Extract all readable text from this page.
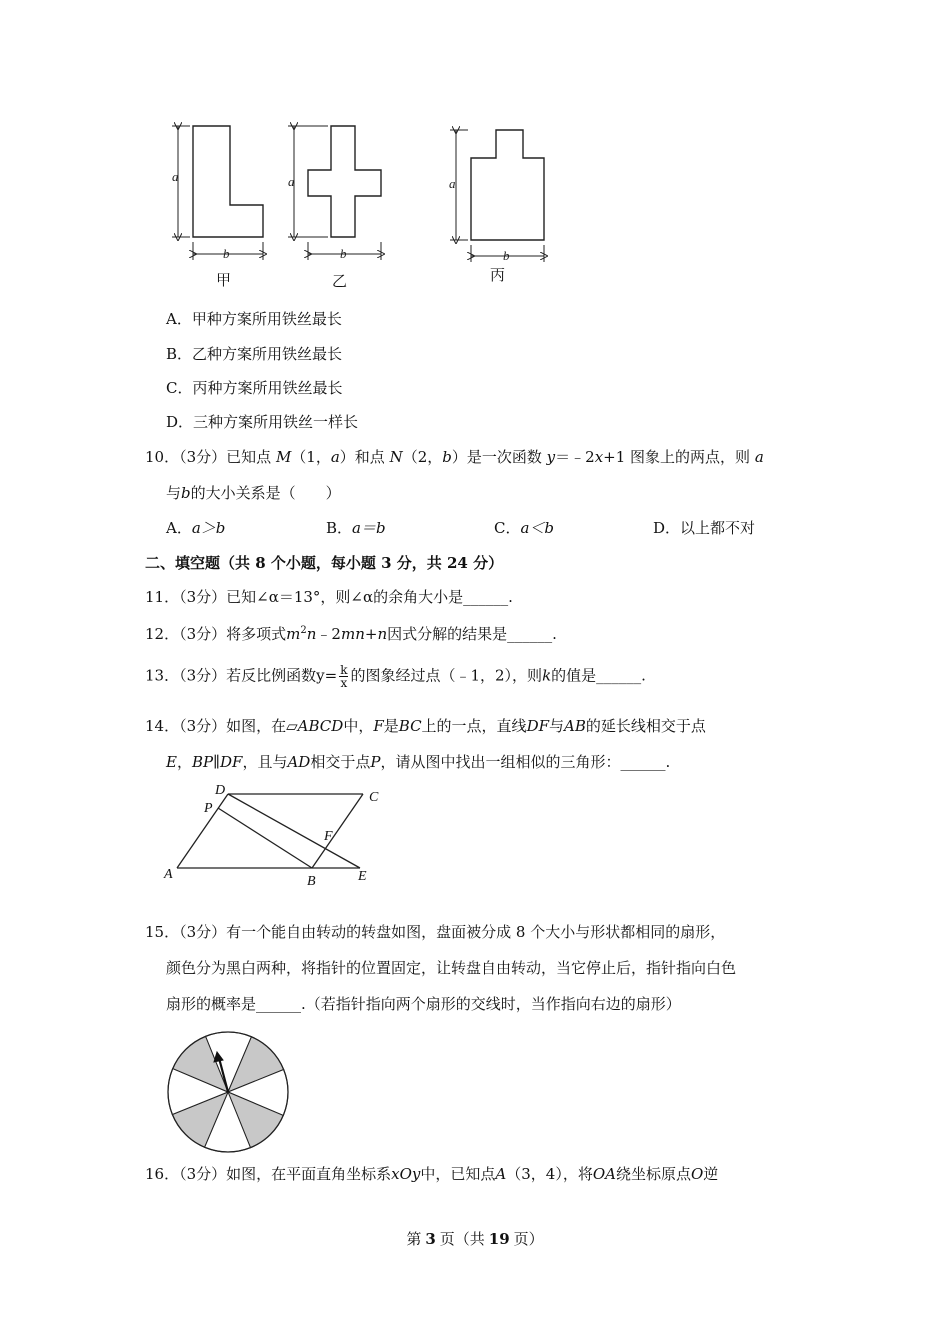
a	a	a
b	b	b
甲	乙	丙
A．甲种方案所用铁丝最长
B．乙种方案所用铁丝最长
C．丙种方案所用铁丝最长
D．三种方案所用铁丝一样长
10．（3分）已知点 M（1，a）和点 N（2，b）是一次函数 y＝﹣2x+1 图象上的两点，则 a
与b的大小关系是（　　）
A．a＞b	B．a＝b	C．a＜b	D．以上都不对
二、填空题（共 8 个小题，每小题 3 分，共 24 分）
11．（3分）已知∠α＝13°，则∠α的余角大小是______.
12．（3分）将多项式$m^2n﹣2mn+n$因式分解的结果是______.
13．（3分）若反比例函数$y= \frac{k}{x}$ 的图象经过点（﹣1，2），则k的值是______.
14．（3分）如图，在▱ABCD中，F是BC上的一点，直线DF与AB的延长线相交于点
E，BP∥DF，且与AD相交于点P，请从图中找出一组相似的三角形：______.
A	B
C
D
E
F
P
15．（3分）有一个能自由转动的转盘如图，盘面被分成 8 个大小与形状都相同的扇形，
颜色分为黑白两种，将指针的位置固定，让转盘自由转动，当它停止后，指针指向白色
扇形的概率是______.（若指针指向两个扇形的交线时，当作指向右边的扇形）
16．（3分）如图，在平面直角坐标系xOy中，已知点A（3，4），将OA绕坐标原点O逆
第 3 页（共 19 页）
